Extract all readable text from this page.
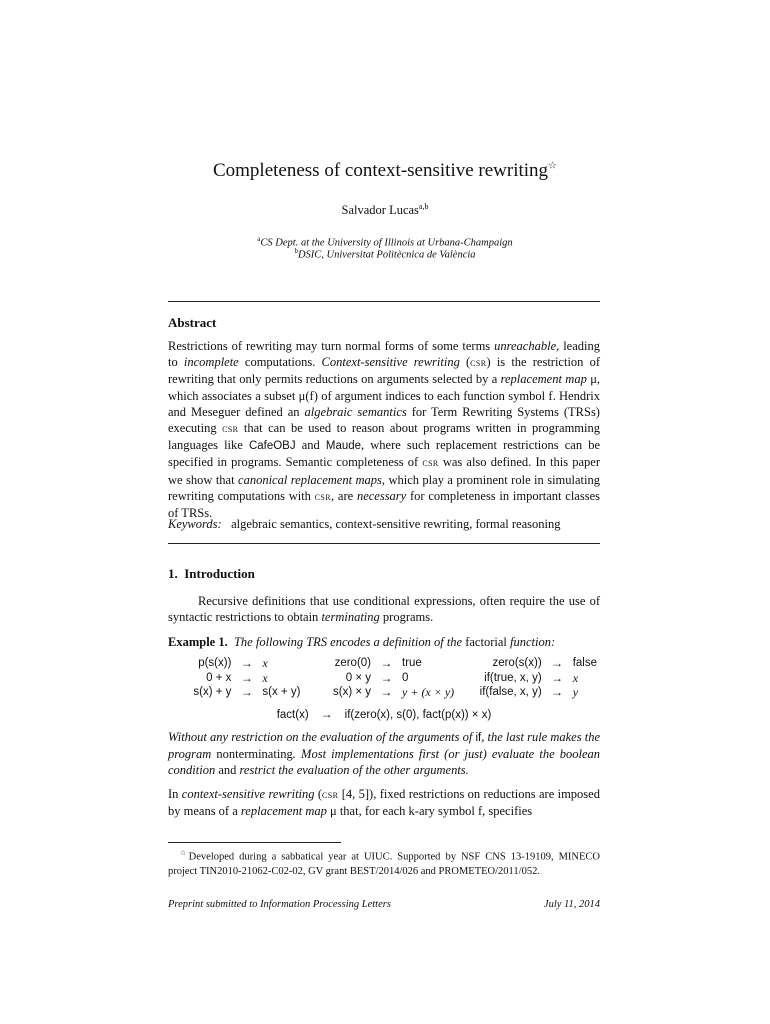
Completeness of context-sensitive rewriting☆
Salvador Lucas$^{a,b}$
$^a$CS Dept. at the University of Illinois at Urbana-Champaign
$^b$DSIC, Universitat Politècnica de València
Abstract
Restrictions of rewriting may turn normal forms of some terms unreachable, leading to incomplete computations. Context-sensitive rewriting (csr) is the restriction of rewriting that only permits reductions on arguments selected by a replacement map μ, which associates a subset μ(f) of argument indices to each function symbol f. Hendrix and Meseguer defined an algebraic semantics for Term Rewriting Systems (TRSs) executing csr that can be used to reason about programs written in programming languages like CafeOBJ and Maude, where such replacement restrictions can be specified in programs. Semantic completeness of csr was also defined. In this paper we show that canonical replacement maps, which play a prominent role in simulating rewriting computations with csr, are necessary for completeness in important classes of TRSs.
Keywords: algebraic semantics, context-sensitive rewriting, formal reasoning
1. Introduction
Recursive definitions that use conditional expressions, often require the use of syntactic restrictions to obtain terminating programs.
Example 1. The following TRS encodes a definition of the factorial function:
p(s(x))	→	x	zero(0)	→	true	zero(s(x))	→	false
0 + x	→	x	0 × y	→	0	if(true, x, y)	→	x
s(x) + y	→	s(x + y)	s(x) × y	→	y + (x × y)	if(false, x, y)	→	y
fact(x) → if(zero(x), s(0), fact(p(x)) × x)
Without any restriction on the evaluation of the arguments of if, the last rule makes the program nonterminating. Most implementations first (or just) evaluate the boolean condition and restrict the evaluation of the other arguments.
In context-sensitive rewriting (csr [4, 5]), fixed restrictions on reductions are imposed by means of a replacement map μ that, for each k-ary symbol f, specifies
☆Developed during a sabbatical year at UIUC. Supported by NSF CNS 13-19109, MINECO project TIN2010-21062-C02-02, GV grant BEST/2014/026 and PROMETEO/2011/052.
Preprint submitted to Information Processing Letters	July 11, 2014
